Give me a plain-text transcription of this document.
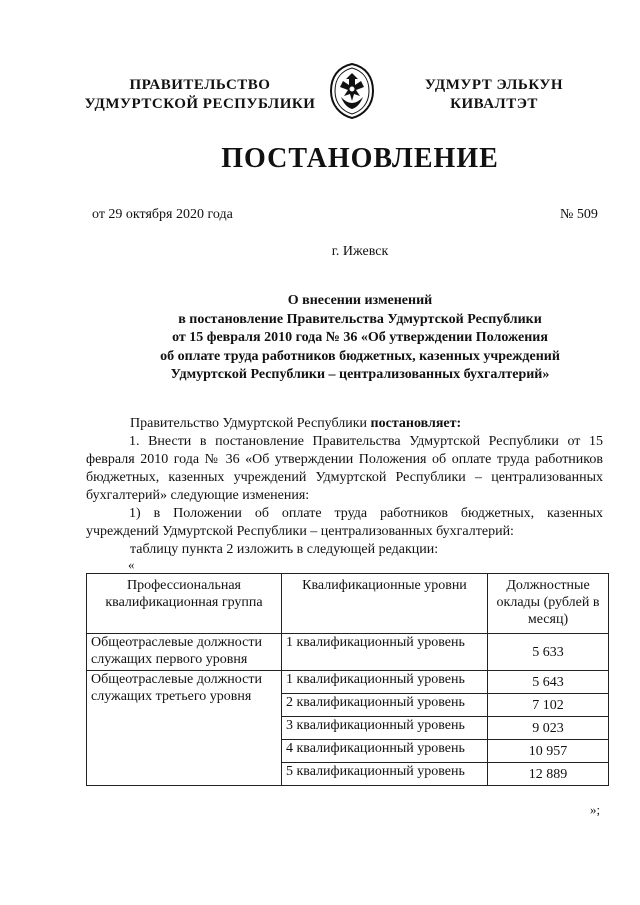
ПРАВИТЕЛЬСТВО
УДМУРТСКОЙ РЕСПУБЛИКИ
УДМУРТ ЭЛЬКУН
КИВАЛТЭТ
ПОСТАНОВЛЕНИЕ
от 29 октября 2020 года	№ 509
г. Ижевск
О внесении изменений
в постановление Правительства Удмуртской Республики
от 15 февраля 2010 года № 36 «Об утверждении Положения
об оплате труда работников бюджетных, казенных учреждений
Удмуртской Республики – централизованных бухгалтерий»
Правительство Удмуртской Республики постановляет:
1. Внести в постановление Правительства Удмуртской Республики от 15 февраля 2010 года № 36 «Об утверждении Положения об оплате труда работников бюджетных, казенных учреждений Удмуртской Республики – централизованных бухгалтерий» следующие изменения:
1) в Положении об оплате труда работников бюджетных, казенных учреждений Удмуртской Республики – централизованных бухгалтерий:
таблицу пункта 2 изложить в следующей редакции:
«
Профессиональная квалификационная группа	Квалификационные уровни	Должностные оклады (рублей в месяц)
Общеотраслевые должности служащих первого уровня	1 квалификационный уровень	5 633
Общеотраслевые должности служащих третьего уровня	1 квалификационный уровень	5 643
	2 квалификационный уровень	7 102
	3 квалификационный уровень	9 023
	4 квалификационный уровень	10 957
	5 квалификационный уровень	12 889
»;
